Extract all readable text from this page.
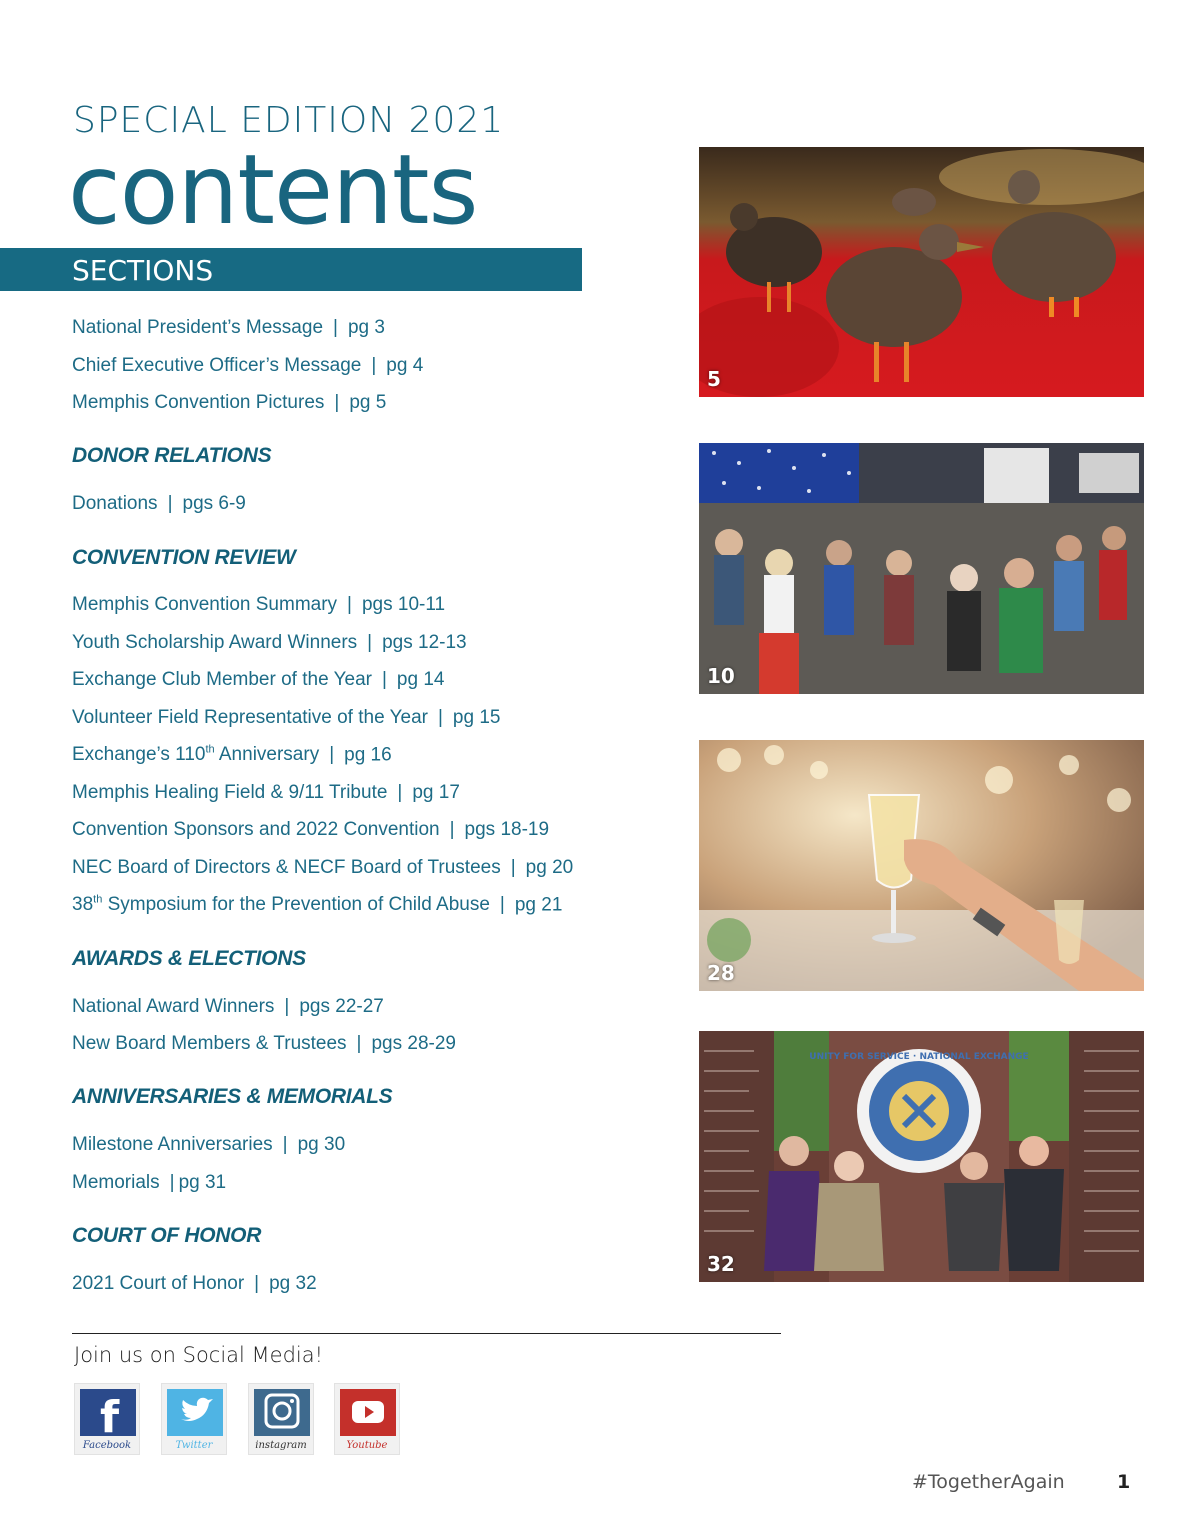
SPECIAL EDITION 2021
contents
SECTIONS
National President’s Message | pg 3
Chief Executive Officer’s Message | pg 4
Memphis Convention Pictures | pg 5
DONOR RELATIONS
Donations | pgs 6-9
CONVENTION REVIEW
Memphis Convention Summary | pgs 10-11
Youth Scholarship Award Winners | pgs 12-13
Exchange Club Member of the Year | pg 14
Volunteer Field Representative of the Year | pg 15
Exchange’s 110th Anniversary | pg 16
Memphis Healing Field & 9/11 Tribute | pg 17
Convention Sponsors and 2022 Convention | pgs 18-19
NEC Board of Directors & NECF Board of Trustees | pg 20
38th Symposium for the Prevention of Child Abuse | pg 21
AWARDS & ELECTIONS
National Award Winners | pgs 22-27
New Board Members & Trustees | pgs 28-29
ANNIVERSARIES & MEMORIALS
Milestone Anniversaries | pg 30
Memorials | pg 31
COURT OF HONOR
2021 Court of Honor | pg 32
5
10
28
UNITY FOR SERVICE · NATIONAL EXCHANGE
32
Join us on Social Media!
f
Facebook	Twitter	instagram	Youtube
#TogetherAgain	1
